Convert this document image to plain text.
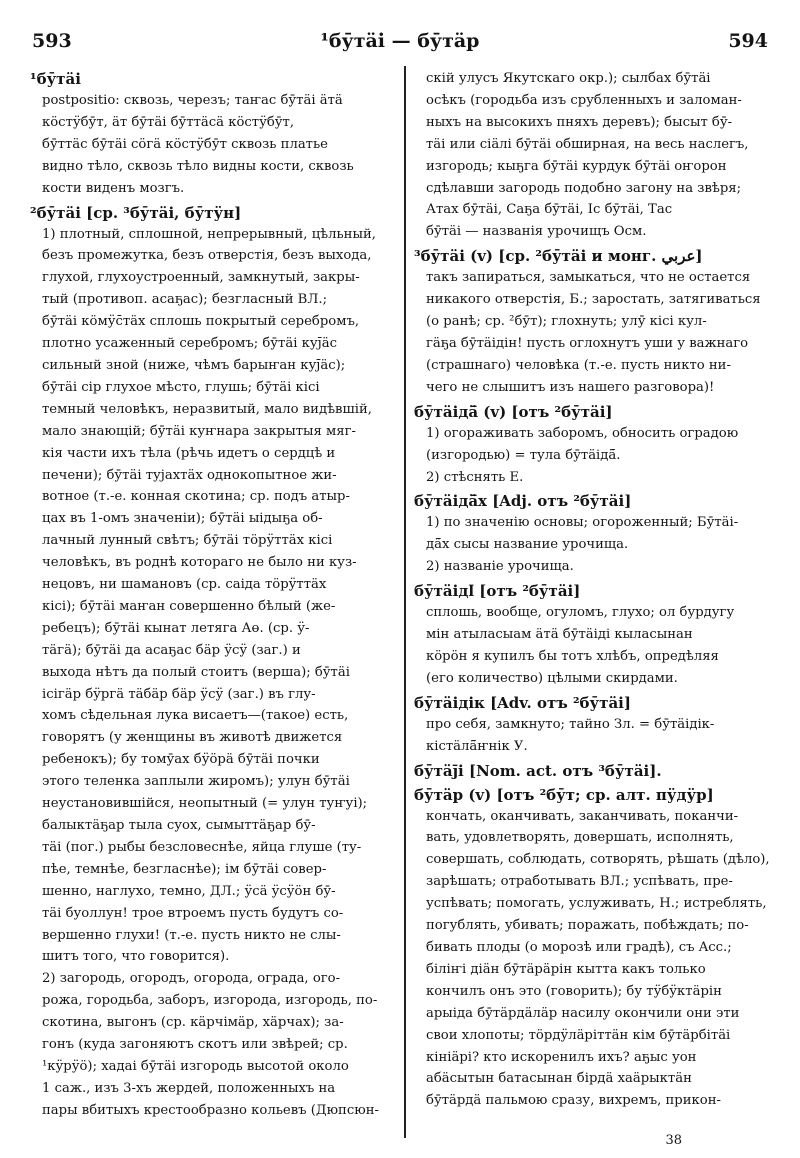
593	¹бӯтӓі — бӯтӓр	594
¹бӯтӓі
postpositio: сквозь, черезъ; таҥас бӯтӓі ӓтӓ
кӧстӱбӯт, ӓт бӯтӓі бӯттӓсӓ кӧстӱбӯт,
бӯттӓс бӯтӓі сӧгӓ кӧстӱбӯт сквозь платье
видно тѣло, сквозь тѣло видны кости, сквозь
кости виденъ мозгъ.
²бӯтӓі [ср. ³бӯтӓі, бӯтӱн]
1) плотный, сплошной, непрерывный, цѣльный,
безъ промежутка, безъ отверстія, безъ выхода,
глухой, глухоустроенный, замкнутый, закры-
тый (противоп. асаҕас); безгласный ВЛ.;
бӯтӓі кӧмӱс̄тӓх сплошь покрытый серебромъ,
плотно усаженный серебромъ; бӯтӓі куј̄ӓс
сильный зной (ниже, чѣмъ барыҥан куј̄ӓс);
бӯтӓі сір глухое мѣсто, глушь; бӯтӓі кісі
темный человѣкъ, неразвитый, мало видѣвшій,
мало знающій; бӯтӓі куҥнара закрытыя мяг-
кія части ихъ тѣла (рѣчь идетъ о сердцѣ и
печени); бӯтӓі тујахтӓх однокопытное жи-
вотное (т.-е. конная скотина; ср. подъ атыр-
цах въ 1-омъ значеніи); бӯтӓі ыідыҕа об-
лачный лунный свѣтъ; бӯтӓі тӧрӱттӓх кісі
человѣкъ, въ роднѣ котораго не было ни куз-
нецовъ, ни шамановъ (ср. саіда тӧрӱттӓх
кісі); бӯтӓі маҥан совершенно бѣлый (же-
ребецъ); бӯтӓі кынат летяга Аө. (ср. ӱ-
тӓгӓ); бӯтӓі да асаҕас бӓр ӱсӱ (заг.) и
выхода нѣтъ да полый стоитъ (верша); бӯтӓі
ісігӓр бӱргӓ тӓбӓр бӓр ӱсӱ (заг.) въ глу-
хомъ сѣдельная лука виcаетъ—(такое) есть,
говорятъ (у женщины въ животѣ движется
ребенокъ); бу томӯах бӱӧрӓ бӯтӓі почки
этого теленка заплыли жиромъ); улун бӯтӓі
неустановившійся, неопытный (= улун туҥуі);
балыктӓҕар тыла суох, сымыттӓҕар бӯ-
тӓі (пог.) рыбы безсловеснѣе, яйца глуше (ту-
пѣе, темнѣе, безгласнѣе); ім бӯтӓі совер-
шенно, наглухо, темно, ДЛ.; ӱсӓ ӱсӱӧн бӯ-
тӓі буоллун! трое втроемъ пусть будутъ со-
вершенно глухи! (т.-е. пусть никто не слы-
шитъ того, что говорится).
2) загородь, огородъ, огорода, ограда, ого-
рожа, городьба, заборъ, изгорода, изгородь, по-
скотина, выгонъ (ср. кӓрчімӓр, хӓрчах); за-
гонъ (куда загоняютъ скотъ или звѣрей; ср.
¹кӱрӱӧ); хадаі бӯтӓі изгородь высотой около
1 саж., изъ 3-хъ жердей, положенныхъ на
пары вбитыхъ крестообразно кольевъ (Дюпсюн-
скій улусъ Якутскаго окр.); сылбах бӯтӓі
осѣкъ (городьба изъ срубленныхъ и заломан-
ныхъ на высокихъ пняхъ деревъ); бысыт бӯ-
тӓі или сіӓлі бӯтӓі обширная, на весь наслегъ,
изгородь; кыҕга бӯтӓі курдук бӯтӓі оҥорон
сдѣлавши загородь подобно загону на звѣря;
Атах бӯтӓі, Саҕа бӯтӓі, Іс бӯтӓі, Тас
бӯтӓі — названія урочищъ Осм.
³бӯтӓі (v) [ср. ²бӯтӓі и монг. ﻋﺮﺑﻲ]
такъ запираться, замыкаться, что не остается
никакого отверстія, Б.; заростать, затягиваться
(о ранѣ; ср. ²бӯт); глохнуть; улӯ кісі кул-
гӓҕа бӯтӓідін! пусть оглохнутъ уши у важнаго
(страшнаго) человѣка (т.-е. пусть никто ни-
чего не слышитъ изъ нашего разговора)!
бӯтӓідӓ̄ (v) [отъ ²бӯтӓі]
1) огораживать заборомъ, обносить оградою
(изгородью) = тула бӯтӓідӓ̄.
2) стѣснять Е.
бӯтӓідӓ̄х [Adj. отъ ²бӯтӓі]
1) по значенію основы; огороженный; Бӯтӓі-
дӓ̄х сысы название урочища.
2) названіе урочища.
бӯтӓідӏ [отъ ²бӯтӓі]
сплошь, вообще, огуломъ, глухо; ол бурдугу
мін атыласыам ӓтӓ бӯтӓіді кыласынан
кӧрӧн я купилъ бы тотъ хлѣбъ, опредѣляя
(его количество) цѣлыми скирдами.
бӯтӓідік [Adv. отъ ²бӯтӓі]
про себя, замкнуто; тайно Зл. = бӯтӓідік-
кістӓлӓ̄ҥнік У.
бӯтӓј̄і [Nom. act. отъ ³бӯтӓі].
бӯтӓр (v) [отъ ²бӯт; ср. алт. пӱдӱр]
кончать, оканчивать, заканчивать, поканчи-
вать, удовлетворять, довершать, исполнять,
совершать, соблюдать, сотворять, рѣшать (дѣло),
зарѣшать; отработывать ВЛ.; успѣвать, пре-
успѣвать; помогать, услуживать, Н.; истреблять,
погублять, убивать; поражать, побѣждать; по-
бивать плоды (о морозѣ или градѣ), съ Acc.;
біліҥі діӓн бӯтӓрӓрін кытта какъ только
кончилъ онъ это (говорить); бу тӱбӱктӓрін
арыіда бӯтӓрдӓлӓр насилу окончили они эти
свои хлопоты; тӧрдӱлӓріттӓн кім бӯтӓрбітӓі
кініӓрі? кто искоренилъ ихъ? аҕыс уон
абӓсытын батасынан бірдӓ хаӓрыктӓн
бӯтӓрдӓ пальмою сразу, вихремъ, прикон-
38
